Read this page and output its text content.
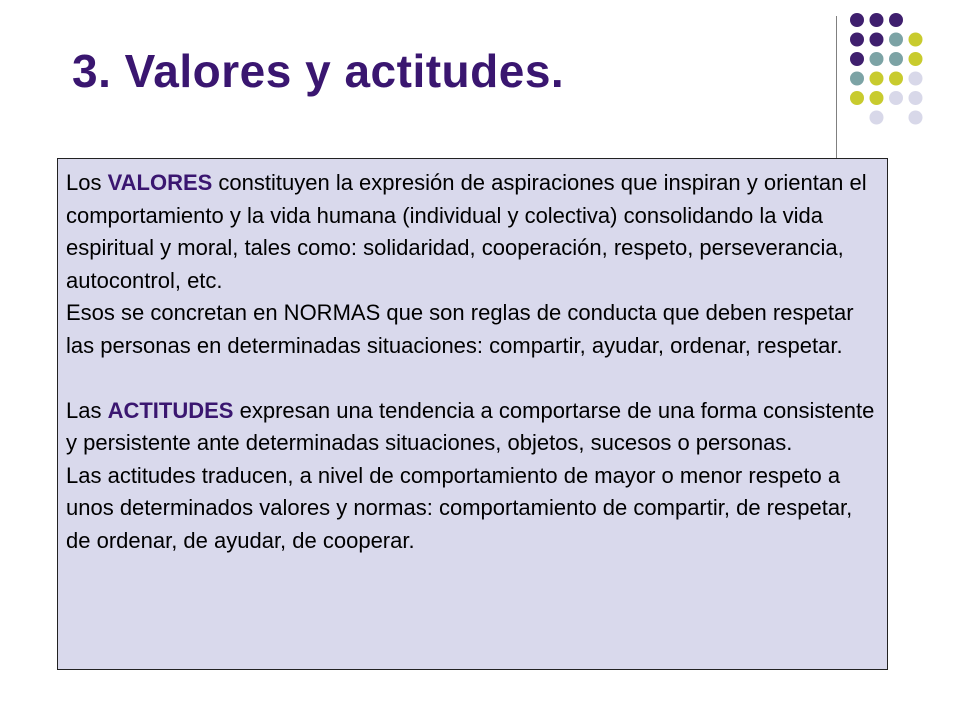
3. Valores y actitudes.

Los VALORES constituyen la expresión de aspiraciones que inspiran y orientan el comportamiento y la vida humana (individual y colectiva) consolidando la vida espiritual y moral, tales como: solidaridad, cooperación, respeto, perseverancia, autocontrol, etc.

Esos se concretan en NORMAS que son reglas de conducta que deben respetar las personas en determinadas situaciones: compartir, ayudar, ordenar, respetar.

Las ACTITUDES expresan una tendencia a comportarse de una forma consistente y persistente ante determinadas situaciones, objetos, sucesos o personas.

Las actitudes traducen, a nivel de comportamiento de mayor o menor respeto a unos determinados valores y normas: comportamiento de compartir, de respetar, de ordenar, de ayudar, de cooperar.
